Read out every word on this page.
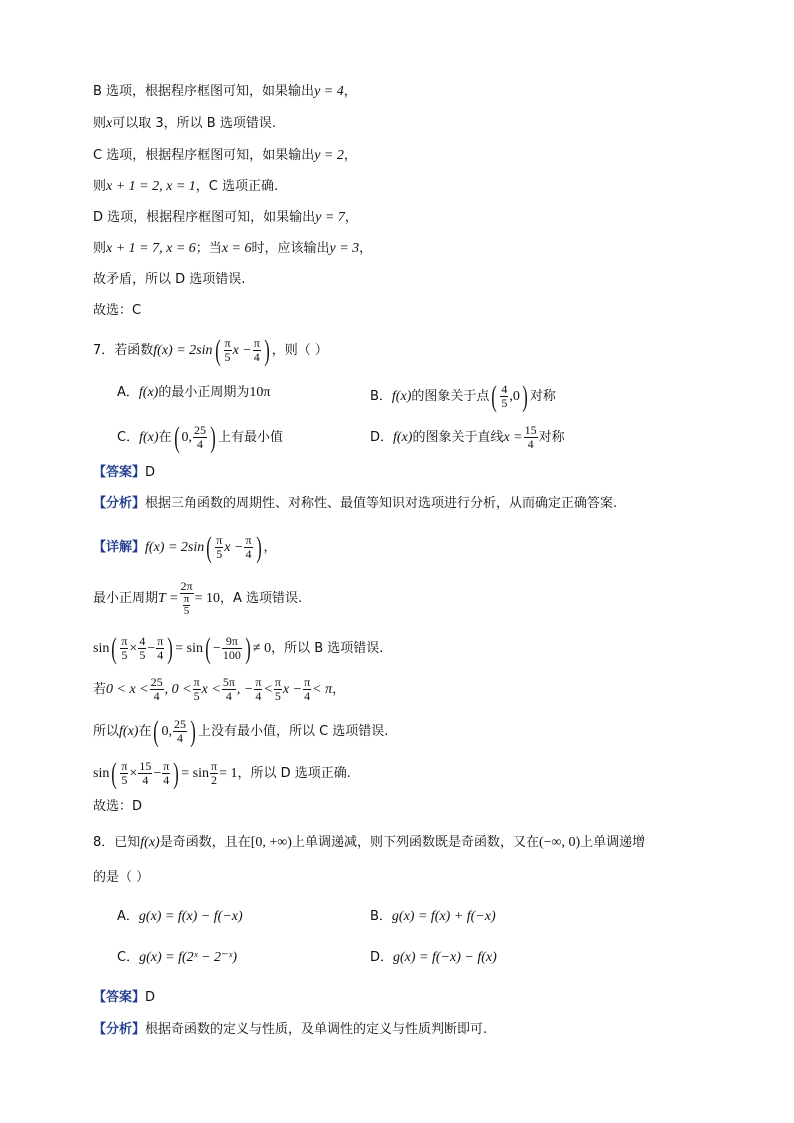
B 选项，根据程序框图可知，如果输出y = 4，
则x可以取 3，所以 B 选项错误.
C 选项，根据程序框图可知，如果输出y = 2，
则x + 1 = 2, x = 1，C 选项正确.
D 选项，根据程序框图可知，如果输出y = 7，
则x + 1 = 7, x = 6；当x = 6时，应该输出y = 3，
故矛盾，所以 D 选项错误.
故选：C
7．若函数$f(x) = 2\sin( \frac{\pi}{5}$ $x - \frac{\pi}{4}$ ) ，则（ ）
A．f(x)的最小正周期为10π	B．f(x)的图象关于点( $\frac{4}{5} ,0$) 对称
C．f(x)在( 0, $\frac{25}{4}$ ) 上有最小值	D．f(x)的图象关于直线$x = \frac{15}{4}$ 对称
【答案】D
【分析】根据三角函数的周期性、对称性、最值等知识对选项进行分析，从而确定正确答案.
【详解】$f(x) = 2\sin( \frac{\pi}{5}$ $x - \frac{\pi}{4}$ ) ，
最小正周期$T = \frac{2\pi}{\frac{\pi}{5}} = 10$，A 选项错误.
$\sin( \frac{\pi}{5} \times \frac{4}{5} - \frac{\pi}{4}$ ) = $\sin( - \frac{9\pi}{100}$ ) ≠ 0，所以 B 选项错误.
若$0 < x < \frac{25}{4}$ , $0 < \frac{\pi}{5}$ $x < \frac{5\pi}{4}$ , − $\frac{\pi}{4} < \frac{\pi}{5}$ $x - \frac{\pi}{4} < \pi$，
所以f(x)在( 0, $\frac{25}{4}$ ) 上没有最小值，所以 C 选项错误.
$\sin( \frac{\pi}{5} \times \frac{15}{4} - \frac{\pi}{4}$ ) = $\sin \frac{\pi}{2} = 1$，所以 D 选项正确.
故选：D
8．已知f(x)是奇函数，且在[0, +∞)上单调递减，则下列函数既是奇函数，又在(−∞, 0)上单调递增
的是（ ）
A．g(x) = f(x) − f(−x)	B．g(x) = f(x) + f(−x)
C．g(x) = f(2ˣ − 2⁻ˣ)	D．g(x) = f(−x) − f(x)
【答案】D
【分析】根据奇函数的定义与性质，及单调性的定义与性质判断即可.
